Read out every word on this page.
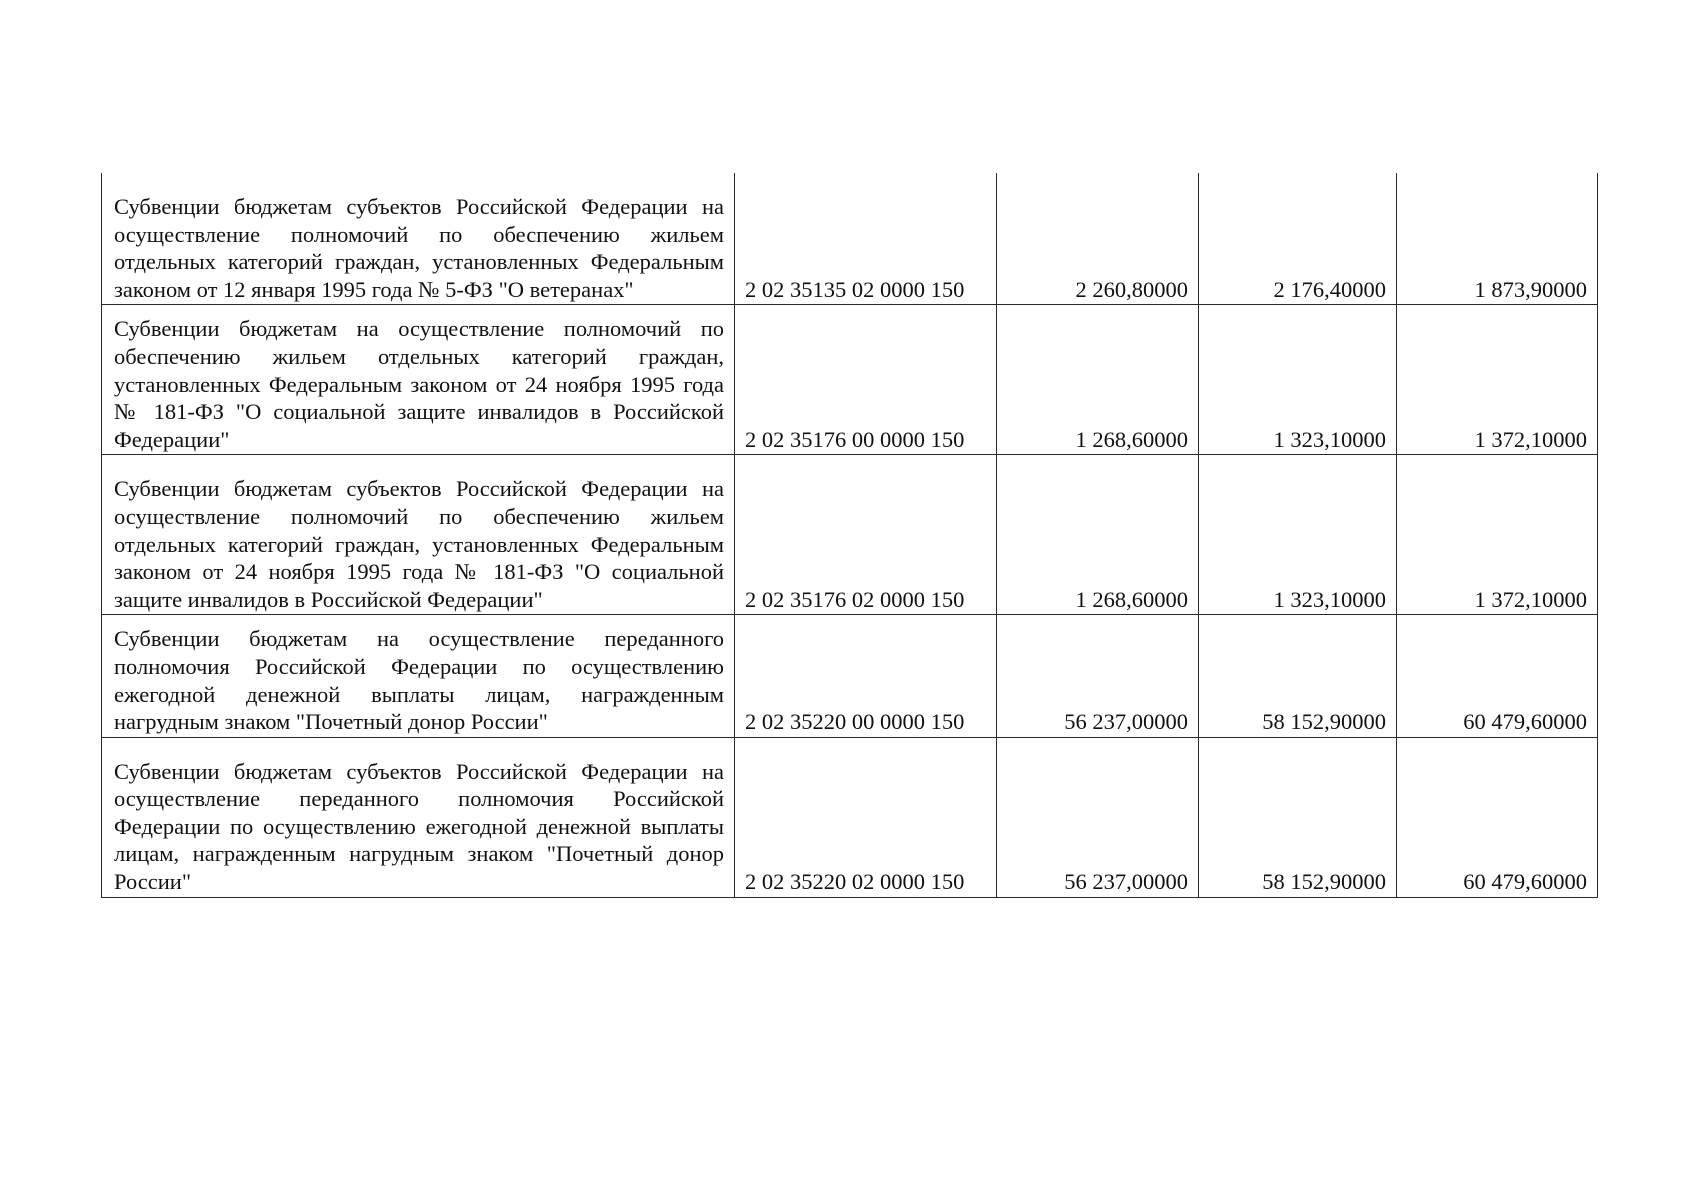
Субвенции бюджетам субъектов Российской Федерации на осуществление полномочий по обеспечению жильем отдельных категорий граждан, установленных Федеральным законом от 12 января 1995 года № 5-ФЗ "О ветеранах"	2 02 35135 02 0000 150	2 260,80000	2 176,40000	1 873,90000
Субвенции бюджетам на осуществление полномочий по обеспечению жильем отдельных категорий граждан, установленных Федеральным законом от 24 ноября 1995 года № 181-ФЗ "О социальной защите инвалидов в Российской Федерации"	2 02 35176 00 0000 150	1 268,60000	1 323,10000	1 372,10000
Субвенции бюджетам субъектов Российской Федерации на осуществление полномочий по обеспечению жильем отдельных категорий граждан, установленных Федеральным законом от 24 ноября 1995 года № 181-ФЗ "О социальной защите инвалидов в Российской Федерации"	2 02 35176 02 0000 150	1 268,60000	1 323,10000	1 372,10000
Субвенции бюджетам на осуществление переданного полномочия Российской Федерации по осуществлению ежегодной денежной выплаты лицам, награжденным нагрудным знаком "Почетный донор России"	2 02 35220 00 0000 150	56 237,00000	58 152,90000	60 479,60000
Субвенции бюджетам субъектов Российской Федерации на осуществление переданного полномочия Российской Федерации по осуществлению ежегодной денежной выплаты лицам, награжденным нагрудным знаком "Почетный донор России"	2 02 35220 02 0000 150	56 237,00000	58 152,90000	60 479,60000
